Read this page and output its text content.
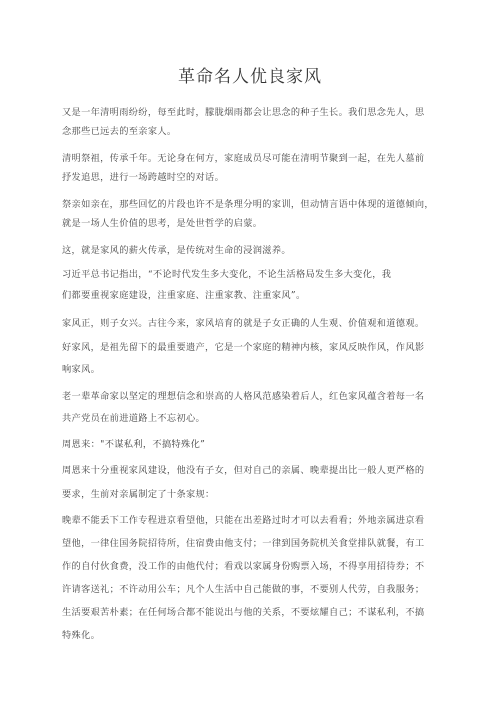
革命名人优良家风
又是一年清明雨纷纷，每至此时，朦胧烟雨都会让思念的种子生长。我们思念先人，思
念那些已远去的至亲家人。
清明祭祖，传承千年。无论身在何方，家庭成员尽可能在清明节聚到一起，在先人墓前
抒发追思，进行一场跨越时空的对话。
祭亲如亲在，那些回忆的片段也许不是条理分明的家训，但动情言语中体现的道德倾向，
就是一场人生价值的思考，是处世哲学的启蒙。
这，就是家风的薪火传承，是传统对生命的浸润滋养。
习近平总书记指出，“不论时代发生多大变化，不论生活格局发生多大变化，我
们都要重视家庭建设，注重家庭、注重家教、注重家风”。
家风正，则子女兴。古往今来，家风培育的就是子女正确的人生观、价值观和道德观。
好家风，是祖先留下的最重要遗产，它是一个家庭的精神内核，家风反映作风，作风影
响家风。
老一辈革命家以坚定的理想信念和崇高的人格风范感染着后人，红色家风蕴含着每一名
共产党员在前进道路上不忘初心。
周恩来："不谋私利，不搞特殊化”
周恩来十分重视家风建设，他没有子女，但对自己的亲属、晚辈提出比一般人更严格的
要求，生前对亲属制定了十条家规：
晚辈不能丢下工作专程进京看望他，只能在出差路过时才可以去看看；外地亲属进京看
望他，一律住国务院招待所，住宿费由他支付；一律到国务院机关食堂排队就餐，有工
作的自付伙食费，没工作的由他代付；看戏以家属身份购票入场，不得享用招待券；不
许请客送礼；不许动用公车；凡个人生活中自己能做的事，不要别人代劳，自我服务；
生活要艰苦朴素；在任何场合都不能说出与他的关系，不要炫耀自己；不谋私利，不搞
特殊化。
